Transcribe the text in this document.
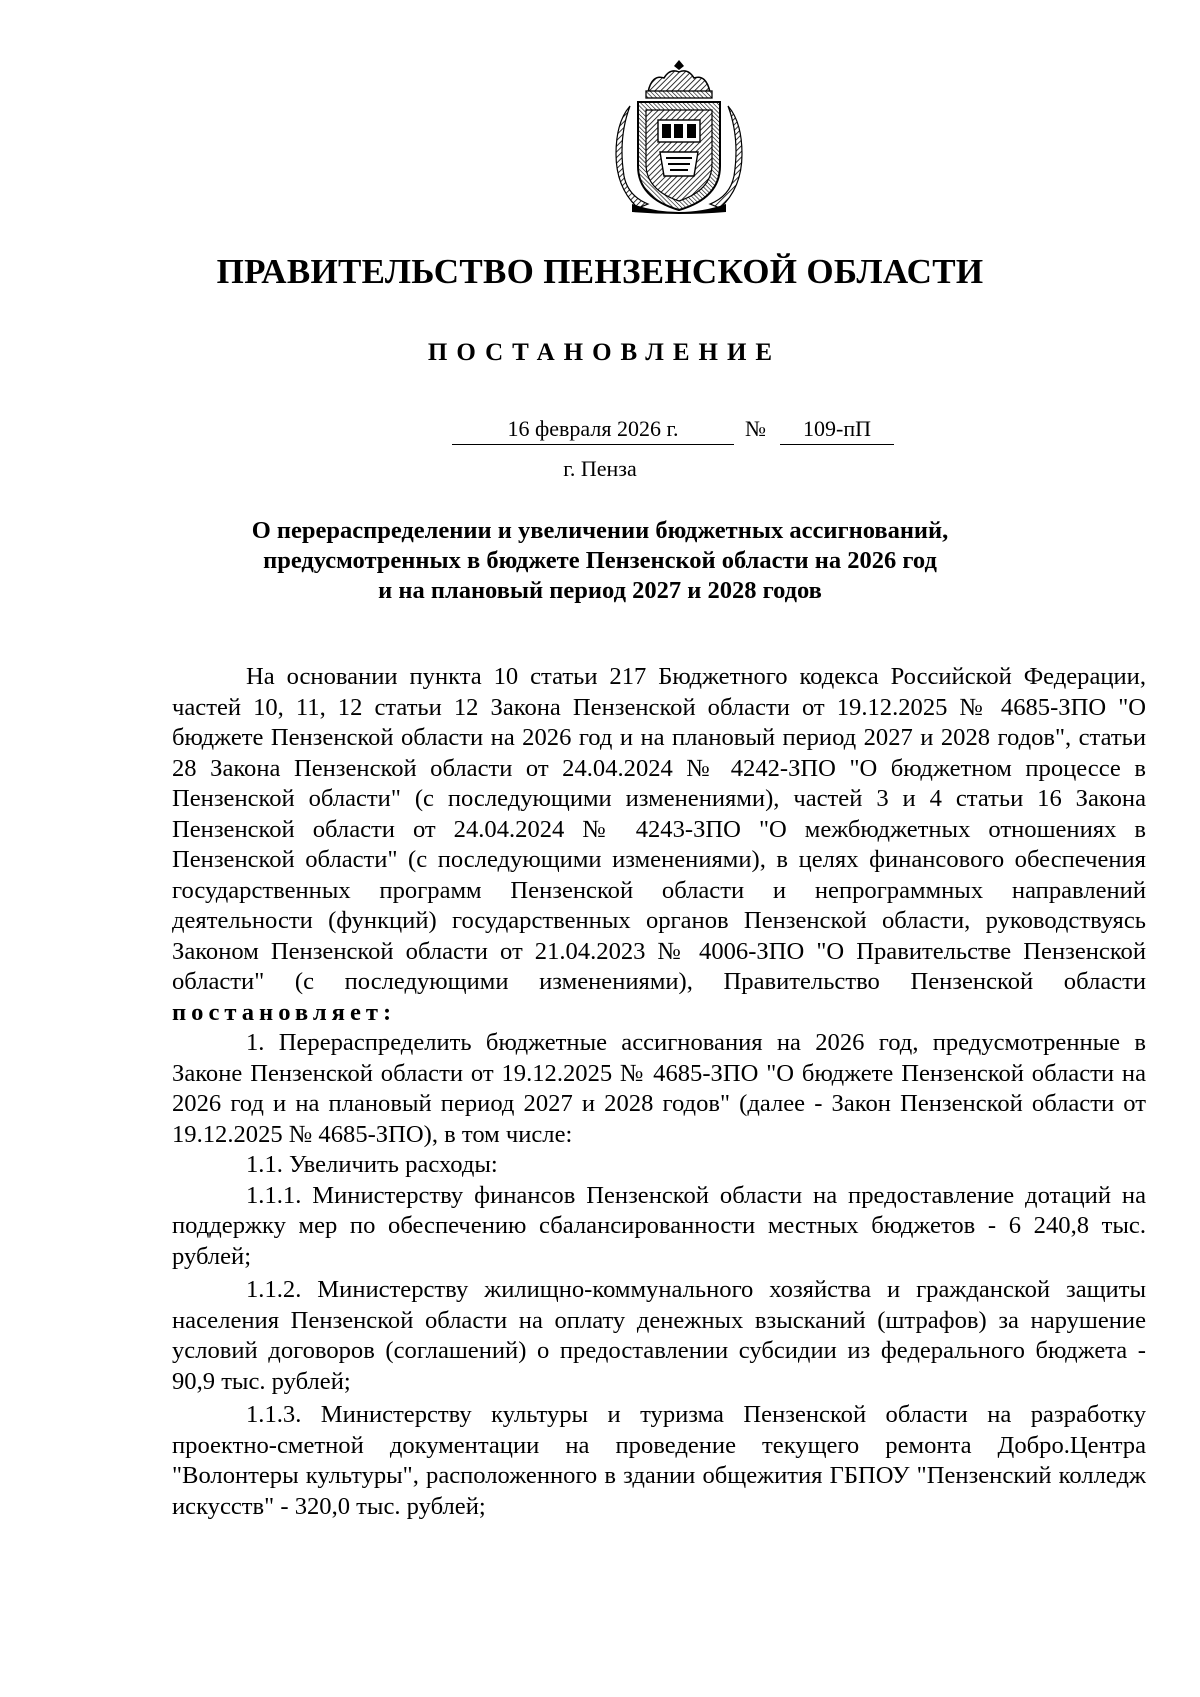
ПРАВИТЕЛЬСТВО ПЕНЗЕНСКОЙ ОБЛАСТИ
ПОСТАНОВЛЕНИЕ
16 февраля 2026 г.	№	109-пП
г. Пенза
О перераспределении и увеличении бюджетных ассигнований,
предусмотренных в бюджете Пензенской области на 2026 год
и на плановый период 2027 и 2028 годов

На основании пункта 10 статьи 217 Бюджетного кодекса Российской Федерации, частей 10, 11, 12 статьи 12 Закона Пензенской области от 19.12.2025 № 4685-ЗПО "О бюджете Пензенской области на 2026 год и на плановый период 2027 и 2028 годов", статьи 28 Закона Пензенской области от 24.04.2024 № 4242-ЗПО "О бюджетном процессе в Пензенской области" (с последующими изменениями), частей 3 и 4 статьи 16 Закона Пензенской области от 24.04.2024 № 4243-ЗПО "О межбюджетных отношениях в Пензенской области" (с последующими изменениями), в целях финансового обеспечения государственных программ Пензенской области и непрограммных направлений деятельности (функций) государственных органов Пензенской области, руководствуясь Законом Пензенской области от 21.04.2023 № 4006-ЗПО "О Правительстве Пензенской области" (с последующими изменениями), Правительство Пензенской области постановляет:

1. Перераспределить бюджетные ассигнования на 2026 год, предусмотренные в Законе Пензенской области от 19.12.2025 № 4685-ЗПО "О бюджете Пензенской области на 2026 год и на плановый период 2027 и 2028 годов" (далее - Закон Пензенской области от 19.12.2025 № 4685-ЗПО), в том числе:

1.1. Увеличить расходы:

1.1.1. Министерству финансов Пензенской области на предоставление дотаций на поддержку мер по обеспечению сбалансированности местных бюджетов - 6 240,8 тыс. рублей;

1.1.2. Министерству жилищно-коммунального хозяйства и гражданской защиты населения Пензенской области на оплату денежных взысканий (штрафов) за нарушение условий договоров (соглашений) о предоставлении субсидии из федерального бюджета - 90,9 тыс. рублей;

1.1.3. Министерству культуры и туризма Пензенской области на разработку проектно-сметной документации на проведение текущего ремонта Добро.Центра "Волонтеры культуры", расположенного в здании общежития ГБПОУ "Пензенский колледж искусств" - 320,0 тыс. рублей;
